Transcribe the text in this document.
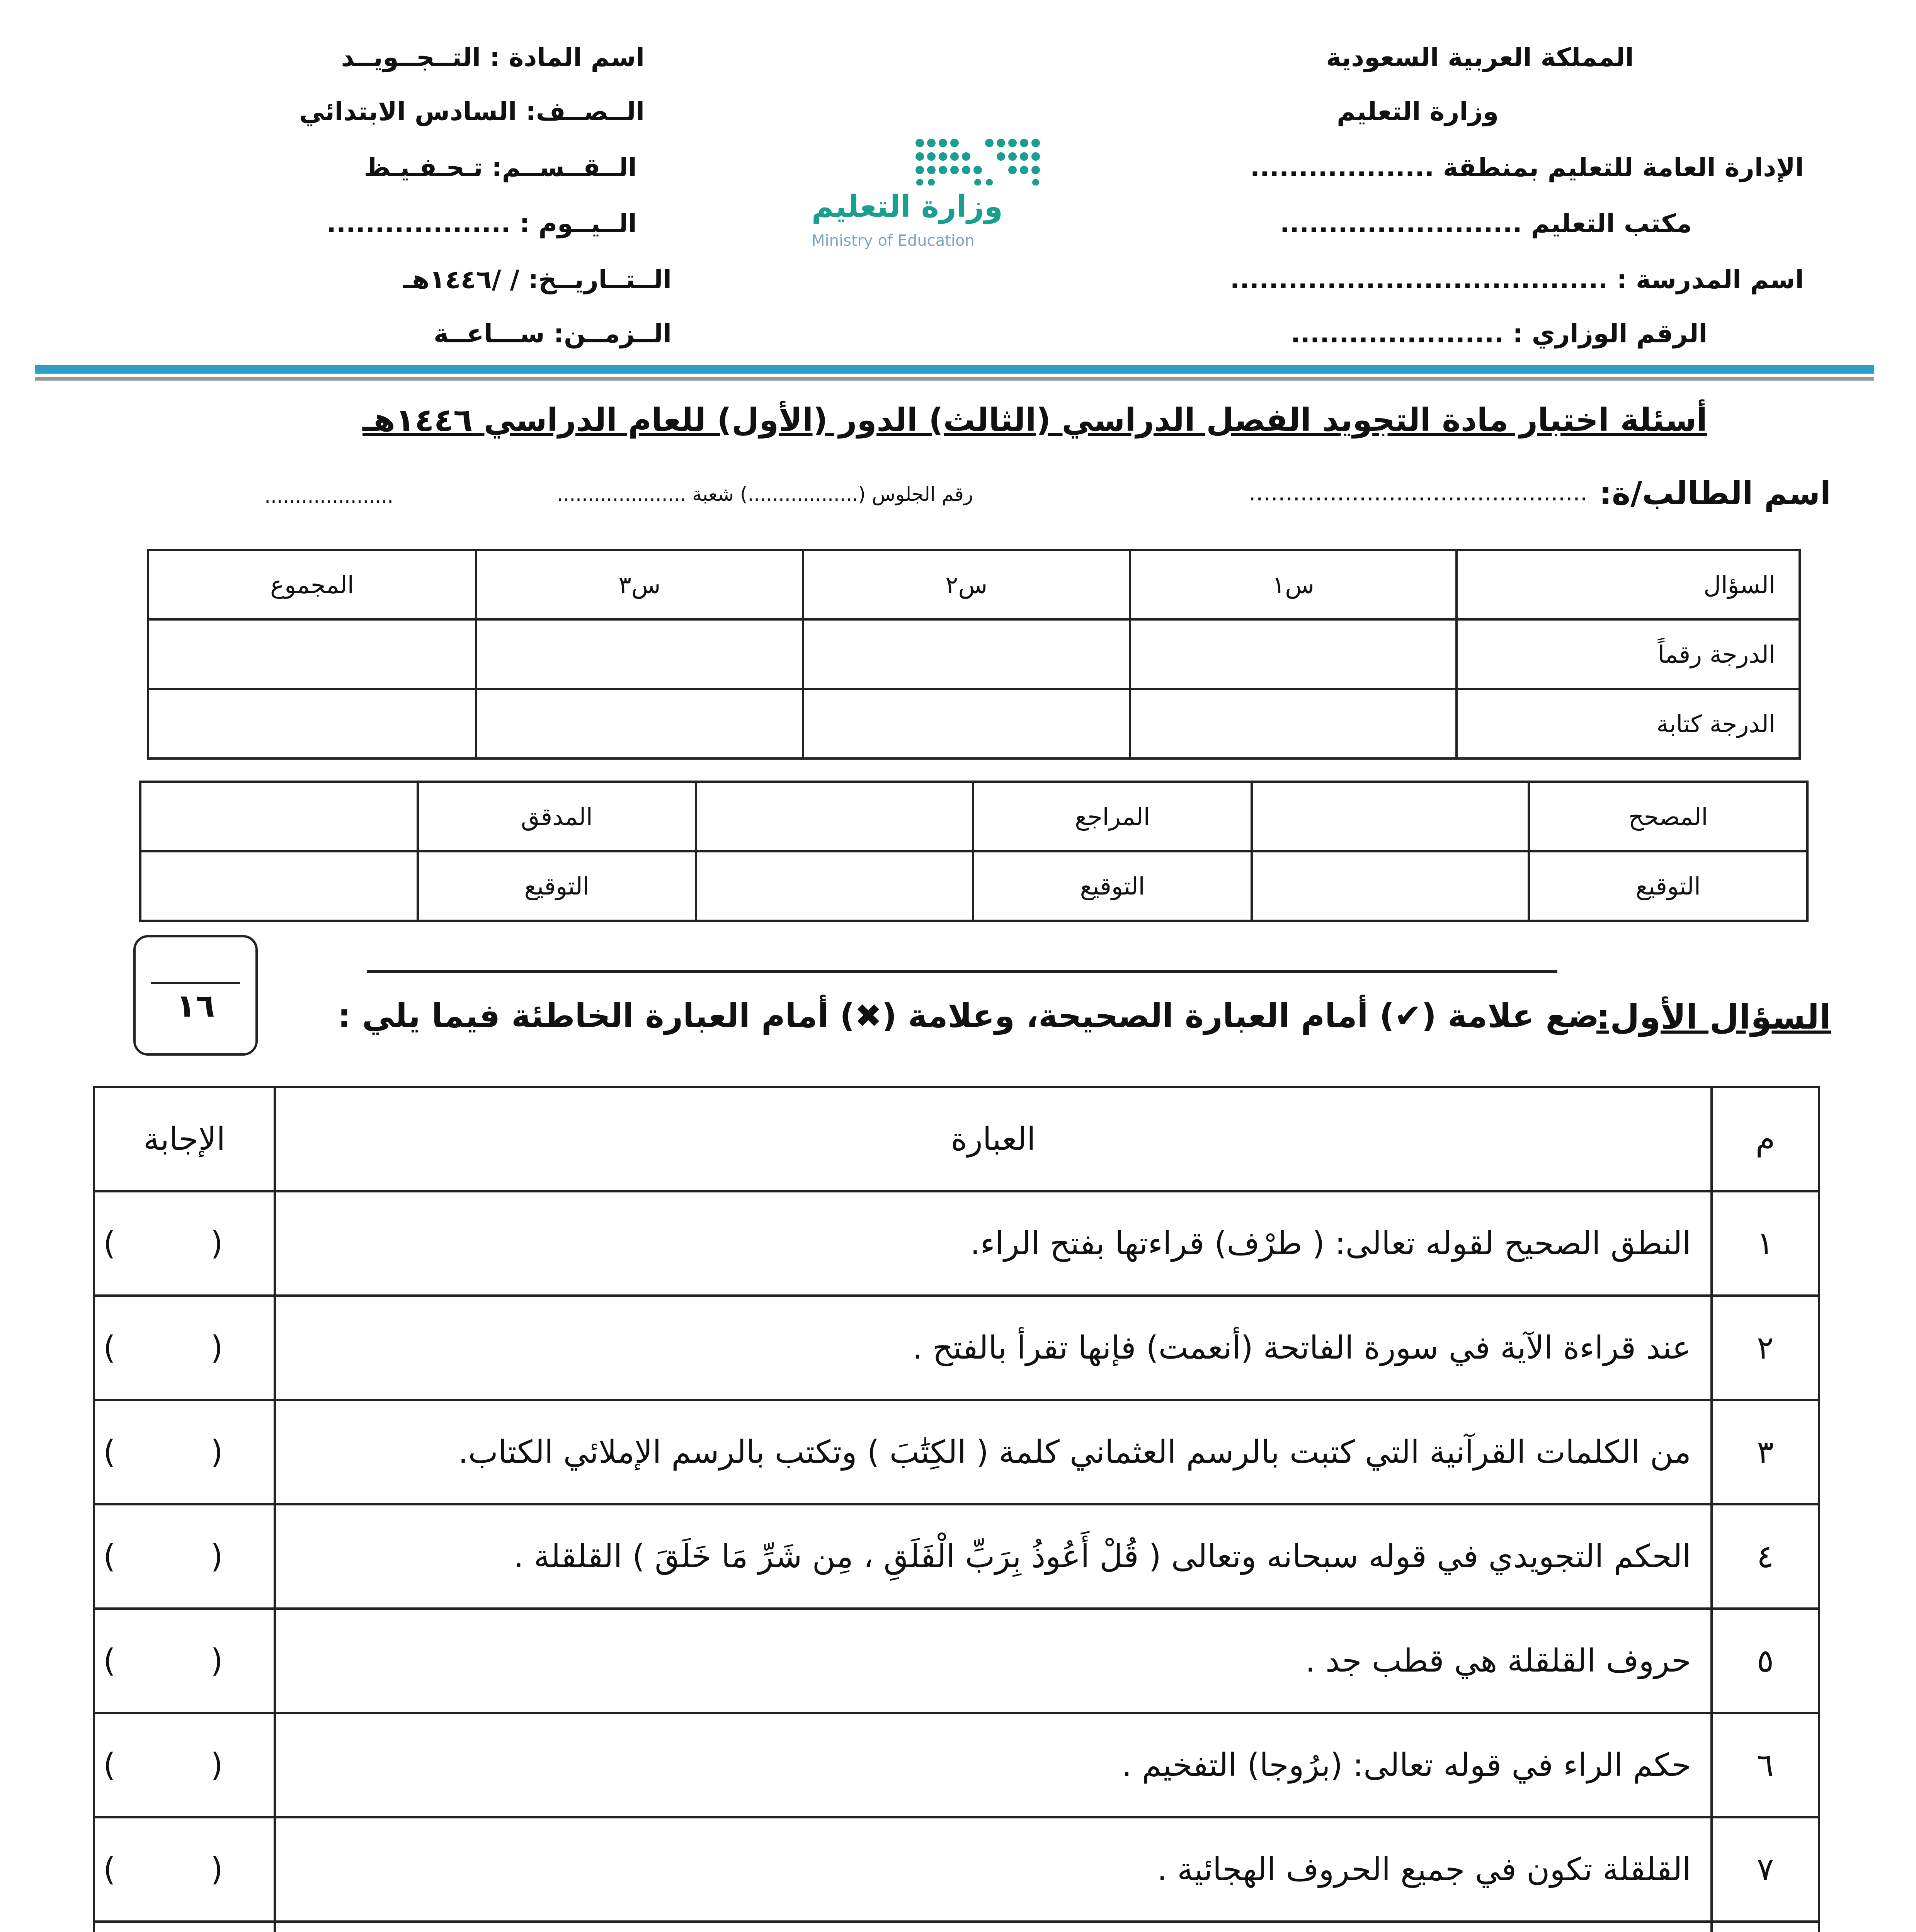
المملكة العربية السعودية
وزارة التعليم
الإدارة العامة للتعليم بمنطقة ...................
مكتب التعليم .........................
اسم المدرسة : .......................................
الرقم الوزاري : ......................
وزارة التعليم
Ministry of Education
اسم المادة : التــجــويــد
الــصــف: السادس الابتدائي
الــقــســم: تـحـفـيـظ
الــيــوم : ...................
الــتــاريــخ: / /١٤٤٦هـ
الــزمــن: ســـاعــة
أسئلة اختبار مادة التجويد الفصل الدراسي (الثالث) الدور (الأول) للعام الدراسي ١٤٤٦هـ
اسم الطالب/ة:
..............................................
رقم الجلوس (..................) شعبة .....................
.....................
السؤال	س١	س٢	س٣	المجموع
الدرجة رقماً				
الدرجة كتابة				
المصحح		المراجع		المدقق	
التوقيع		التوقيع		التوقيع	
١٦	السؤال الأول:
ضع علامة (✔) أمام العبارة الصحيحة، وعلامة (✖) أمام العبارة الخاطئة فيما يلي :
م	العبارة	الإجابة
١	النطق الصحيح لقوله تعالى: ( طرْف) قراءتها بفتح الراء.	( )
٢	عند قراءة الآية في سورة الفاتحة (أنعمت) فإنها تقرأ بالفتح .	( )
٣	من الكلمات القرآنية التي كتبت بالرسم العثماني كلمة ( الكِتَٰبَ ) وتكتب بالرسم الإملائي الكتاب.	( )
٤	الحكم التجويدي في قوله سبحانه وتعالى ( قُلْ أَعُوذُ بِرَبِّ الْفَلَقِ ، مِن شَرِّ مَا خَلَقَ ) القلقلة .	( )
٥	حروف القلقلة هي قطب جد .	( )
٦	حكم الراء في قوله تعالى: (برُوجا) التفخيم .	( )
٧	القلقلة تكون في جميع الحروف الهجائية .	( )
